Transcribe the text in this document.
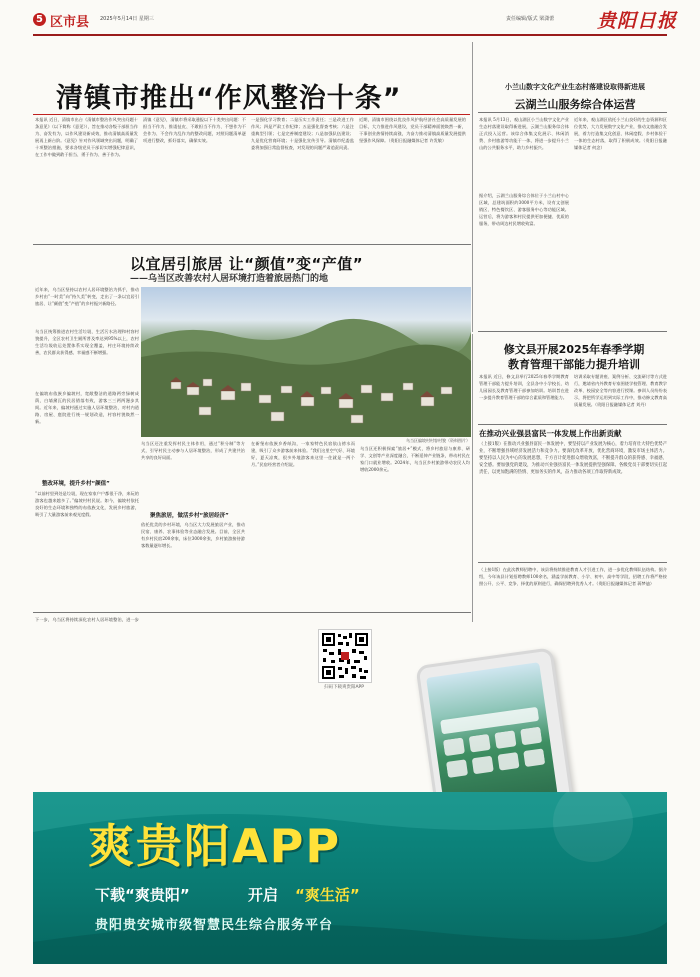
5 区市县 2025年5月14日 星期三	责任编辑/版式 梁潇蕾 贵阳日报
清镇市推出“作风整治十条”
本报讯 近日，清镇市出台《清镇市整治作风突出问题十条意见》（以下简称《意见》），旨在推动各级干部担当作为、奋发有为，以作风建设新成效，推动清镇高质量发展再上新台阶。《意见》针对作风领域突出问题，明确了十项整治措施，要求各级党员干部切实增强纪律意识，在工作中做到敢于担当、勇于作为、善于作为。
清镇《意见》，清镇市将采取通报以下十类突出问题：不担当不作为、推诿扯皮、不敢担当不作为、不想作为不会作为、不会作为乱作为的整改问题，对照问题清单逐项进行整改，抓好落实，确保实效。
一是强化学习教育；二是压实工作责任；三是改进工作作风；四是严肃工作纪律；五是强化督查考核；六是注重典型引领；七是完善制度建设；八是加强队伍建设；九是优化营商环境；十是强化宣传引导。清镇市纪委监委将加强日常监督检查，对发现的问题严肃追责问责。
近期，清镇市围绕以优良作风护航经济社会高质量发展的目标，大力推进作风建设，党员干部精神面貌焕然一新，干事创业热情持续高涨，为奋力推动清镇高质量发展提供坚强作风保障。（贵阳日报融媒体记者 许发敏）
小兰山数字文化产业生态村落建设取得新进展
云湖兰山服务综合体运营
本报讯 5月13日，观山湖区小兰山数字文化产业生态村落建设取得新进展，云湖兰山服务综合体正式投入运营。该综合体集文化展示、休闲消费、乡村旅游等功能于一体，将进一步提升小兰山的公共服务水平，助力乡村振兴。
据介绍，云湖兰山服务综合体位于小兰山村中心区域，总建筑面积约3000平方米，设有文创展销区、特色餐饮区、游客服务中心等功能区域。运营后，将为游客和村民提供更加便捷、优质的服务，带动周边村民增收致富。
近年来，观山湖区依托小兰山良好的生态资源和区位优势，大力发展数字文化产业，推动文旅融合发展，着力打造集文化创意、休闲度假、乡村体验于一体的生态村落，取得了积极成效。（贵阳日报融媒体记者 何念）
以宜居引旅居 让“颜值”变“产值”
——乌当区改善农村人居环境打造着旅居热门的地
近年来，乌当区坚持以农村人居环境整治为抓手，推动乡村由“一时美”向“持久美”转变，走出了一条以宜居引旅居、让“颜值”变“产值”的乡村振兴新路径。
乌当区统筹推进农村生活垃圾、生活污水治理和村容村貌提升，全区农村卫生厕所普及率达到95%以上，农村生活垃圾收运处置体系实现全覆盖，村庄环境持续改善，农民群众获得感、幸福感不断增强。
在偏坡布依族乡偏坡村，宽敞整洁的道路两旁绿树成荫，白墙黛瓦的民居错落有致，游客三三两两漫步其间。近年来，偏坡村通过实施人居环境整治，对村内道路、房屋、庭院进行统一规划改造，村容村貌焕然一新。
整改环境，提升乡村“颜值”
“以前村里到处是垃圾，现在家家户户都很干净，来玩的游客也越来越多了。”偏坡村村民说。如今，偏坡村依托良好的生态环境和独特的布依族文化，发展乡村旅游，吸引了大量游客前来观光度假。
乌当区偏坡村村容村貌（资料图片）
乌当区还注重发挥村民主体作用，通过“积分制”等方式，引导村民主动参与人居环境整治，形成了共建共治共享的良好局面。
聚焦旅居，做活乡村“旅居经济”
依托优美的乡村环境，乌当区大力发展旅居产业，推动民宿、康养、农事体验等业态融合发展。目前，全区共有乡村民宿200余家，床位3000余张，乡村旅游接待游客数量逐年增长。
在新堡布依族乡香纸沟，一家家特色民宿依山傍水而建，吸引了众多游客前来体验。“我们这里空气好、环境好，夏天凉爽，很多外地游客来这里一住就是一两个月。”民宿经营者介绍说。
乌当区还积极探索“旅居+”模式，将乡村旅居与康养、研学、文创等产业深度融合，不断延伸产业链条，带动村民在家门口就业增收。2024年，乌当区乡村旅游带动农民人均增收2000余元。
下一步，乌当区将持续深化农村人居环境整治，进一步
修文县开展2025年春季学期
教育管理干部能力提升培训
本报讯 近日，修文县举行2025年春季学期教育管理干部能力提升培训，全县各中小学校长、幼儿园园长及教育管理干部参加培训。培训旨在进一步提升教育管理干部的综合素质和管理能力。
培训采取专题讲座、案例分析、交流研讨等方式进行，邀请省内外教育专家围绕学校管理、教育教学改革、校园安全等内容进行授课。参训人员纷纷表示，将把所学运用到实际工作中，推动修文教育高质量发展。（贵阳日报融媒体记者 刘丹）
在推动兴业强县富民一体发展上作出新贡献
（上接1版）在推动兴业强县富民一体发展中，要坚持以产业发展为核心，着力培育壮大特色优势产业，不断增强县域经济发展活力和竞争力。要深化改革开放，优化营商环境，激发市场主体活力。要坚持以人民为中心的发展思想，千方百计促进群众增收致富，不断提升群众的获得感、幸福感、安全感。要加强党的建设，为推动兴业强县富民一体发展提供坚强保障。各级党员干部要切实扛起责任，以更加饱满的热情、更加务实的作风，奋力推动各项工作取得新成效。
（上接1版）在此次教师招聘中，该县将持续推进教育人才引进工作，进一步优化教师队伍结构。据介绍，今年该县计划招聘教师100余名，涵盖学前教育、小学、初中、高中等学段，招聘工作将严格按照公开、公平、竞争、择优的原则进行，确保招聘到优秀人才。（贵阳日报融媒体记者 蒋梦迪）
扫码下载爽贵阳APP
爽贵阳APP
下载“爽贵阳”	开启 “爽生活”
贵阳贵安城市级智慧民生综合服务平台
